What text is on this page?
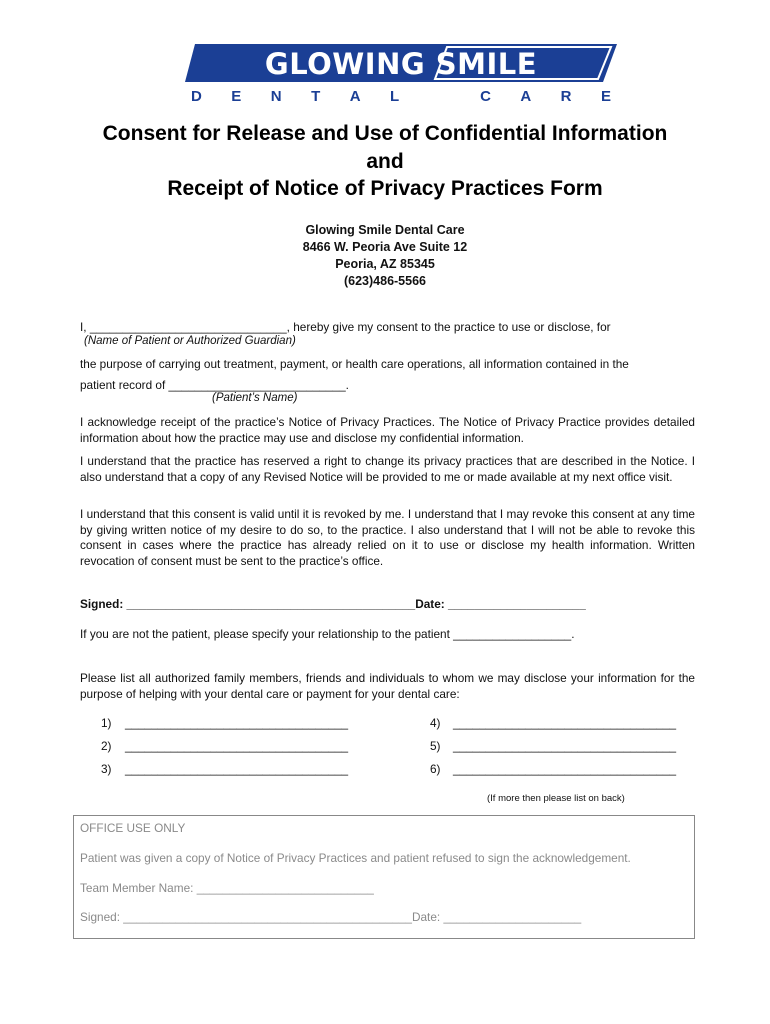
GLOWING SMILE
D E N T A L	C A R E
Consent for Release and Use of Confidential Information
and
Receipt of Notice of Privacy Practices Form
Glowing Smile Dental Care
8466 W. Peoria Ave Suite 12
Peoria, AZ 85345
(623)486-5566
I, ______________________________, hereby give my consent to the practice to use or disclose, for
(Name of Patient or Authorized Guardian)
the purpose of carrying out treatment, payment, or health care operations, all information contained in the
patient record of ___________________________.
(Patient’s Name)
I acknowledge receipt of the practice’s Notice of Privacy Practices. The Notice of Privacy Practice provides detailed information about how the practice may use and disclose my confidential information.
I understand that the practice has reserved a right to change its privacy practices that are described in the Notice. I also understand that a copy of any Revised Notice will be provided to me or made available at my next office visit.
I understand that this consent is valid until it is revoked by me. I understand that I may revoke this consent at any time by giving written notice of my desire to do so, to the practice. I also understand that I will not be able to revoke this consent in cases where the practice has already relied on it to use or disclose my health information. Written revocation of consent must be sent to the practice’s office.
Signed: ____________________________________________Date: _____________________
If you are not the patient, please specify your relationship to the patient __________________.
Please list all authorized family members, friends and individuals to whom we may disclose your information for the purpose of helping with your dental care or payment for your dental care:
1) __________________________________
2) __________________________________
3) __________________________________
4) __________________________________
5) __________________________________
6) __________________________________
(If more then please list on back)
OFFICE USE ONLY
Patient was given a copy of Notice of Privacy Practices and patient refused to sign the acknowledgement.
Team Member Name: ___________________________
Signed: ____________________________________________Date: _____________________
